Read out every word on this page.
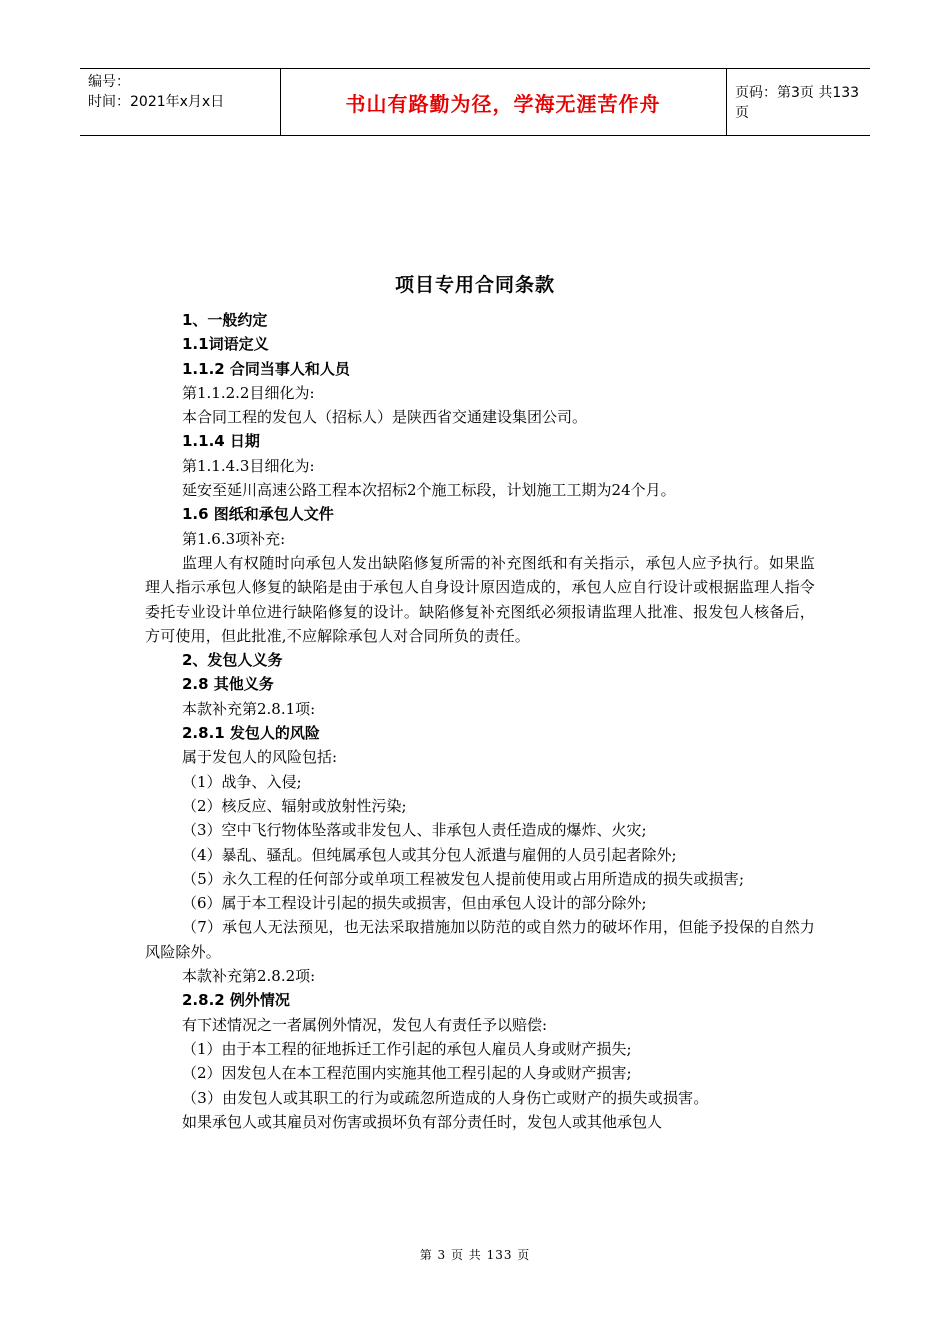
编号：
时间：2021年x月x日	书山有路勤为径，学海无涯苦作舟	页码：第3页 共133页
项目专用合同条款
1、一般约定
1.1词语定义
1.1.2 合同当事人和人员
第1.1.2.2目细化为:
本合同工程的发包人（招标人）是陕西省交通建设集团公司。
1.1.4 日期
第1.1.4.3目细化为:
延安至延川高速公路工程本次招标2个施工标段，计划施工工期为24个月。
1.6 图纸和承包人文件
第1.6.3项补充:
监理人有权随时向承包人发出缺陷修复所需的补充图纸和有关指示，承包人应予执行。如果监理人指示承包人修复的缺陷是由于承包人自身设计原因造成的，承包人应自行设计或根据监理人指令委托专业设计单位进行缺陷修复的设计。缺陷修复补充图纸必须报请监理人批准、报发包人核备后，方可使用，但此批准,不应解除承包人对合同所负的责任。
2、发包人义务
2.8 其他义务
本款补充第2.8.1项:
2.8.1 发包人的风险
属于发包人的风险包括:
（1）战争、入侵;
（2）核反应、辐射或放射性污染;
（3）空中飞行物体坠落或非发包人、非承包人责任造成的爆炸、火灾;
（4）暴乱、骚乱。但纯属承包人或其分包人派遣与雇佣的人员引起者除外;
（5）永久工程的任何部分或单项工程被发包人提前使用或占用所造成的损失或损害;
（6）属于本工程设计引起的损失或损害，但由承包人设计的部分除外;
（7）承包人无法预见，也无法采取措施加以防范的或自然力的破坏作用，但能予投保的自然力风险除外。
本款补充第2.8.2项:
2.8.2 例外情况
有下述情况之一者属例外情况，发包人有责任予以赔偿:
（1）由于本工程的征地拆迁工作引起的承包人雇员人身或财产损失;
（2）因发包人在本工程范围内实施其他工程引起的人身或财产损害;
（3）由发包人或其职工的行为或疏忽所造成的人身伤亡或财产的损失或损害。
如果承包人或其雇员对伤害或损坏负有部分责任时，发包人或其他承包人
第 3 页 共 133 页
